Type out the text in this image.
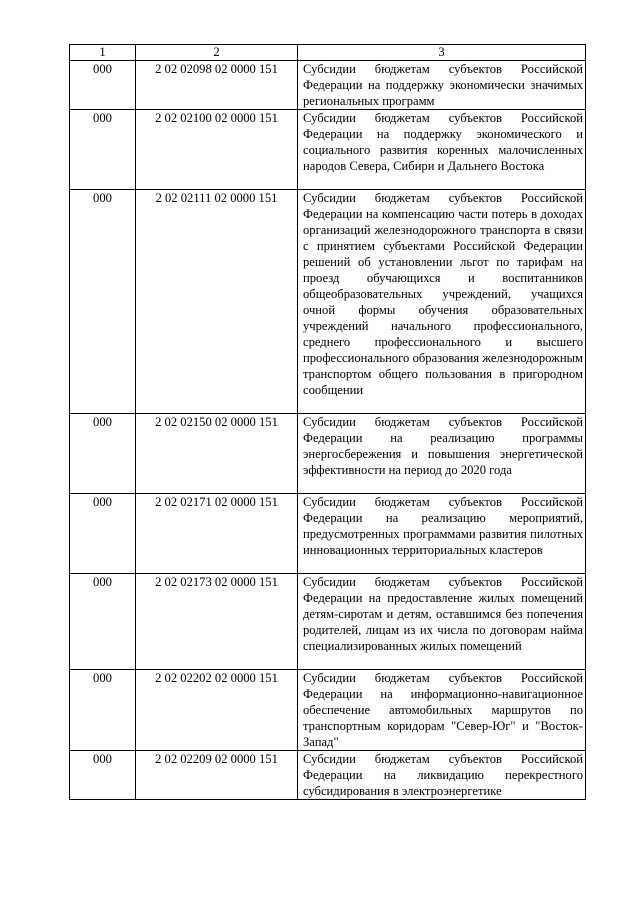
1	2	3
000	2 02 02098 02 0000 151	Субсидии бюджетам субъектов Российской Федерации на поддержку экономически значимых региональных программ
000	2 02 02100 02 0000 151	Субсидии бюджетам субъектов Российской Федерации на поддержку экономического и социального развития коренных малочисленных народов Севера, Сибири и Дальнего Востока
000	2 02 02111 02 0000 151	Субсидии бюджетам субъектов Российской Федерации на компенсацию части потерь в доходах организаций железнодорожного транспорта в связи с принятием субъектами Российской Федерации решений об установлении льгот по тарифам на проезд обучающихся и воспитанников общеобразовательных учреждений, учащихся очной формы обучения образовательных учреждений начального профессионального, среднего профессионального и высшего профессионального образования железнодорожным транспортом общего пользования в пригородном сообщении
000	2 02 02150 02 0000 151	Субсидии бюджетам субъектов Российской Федерации на реализацию программы энергосбережения и повышения энергетической эффективности на период до 2020 года
000	2 02 02171 02 0000 151	Субсидии бюджетам субъектов Российской Федерации на реализацию мероприятий, предусмотренных программами развития пилотных инновационных территориальных кластеров
000	2 02 02173 02 0000 151	Субсидии бюджетам субъектов Российской Федерации на предоставление жилых помещений детям-сиротам и детям, оставшимся без попечения родителей, лицам из их числа по договорам найма специализированных жилых помещений
000	2 02 02202 02 0000 151	Субсидии бюджетам субъектов Российской Федерации на информационно-навигационное обеспечение автомобильных маршрутов по транспортным коридорам "Север-Юг" и "Восток-Запад"
000	2 02 02209 02 0000 151	Субсидии бюджетам субъектов Российской Федерации на ликвидацию перекрестного субсидирования в электроэнергетике
